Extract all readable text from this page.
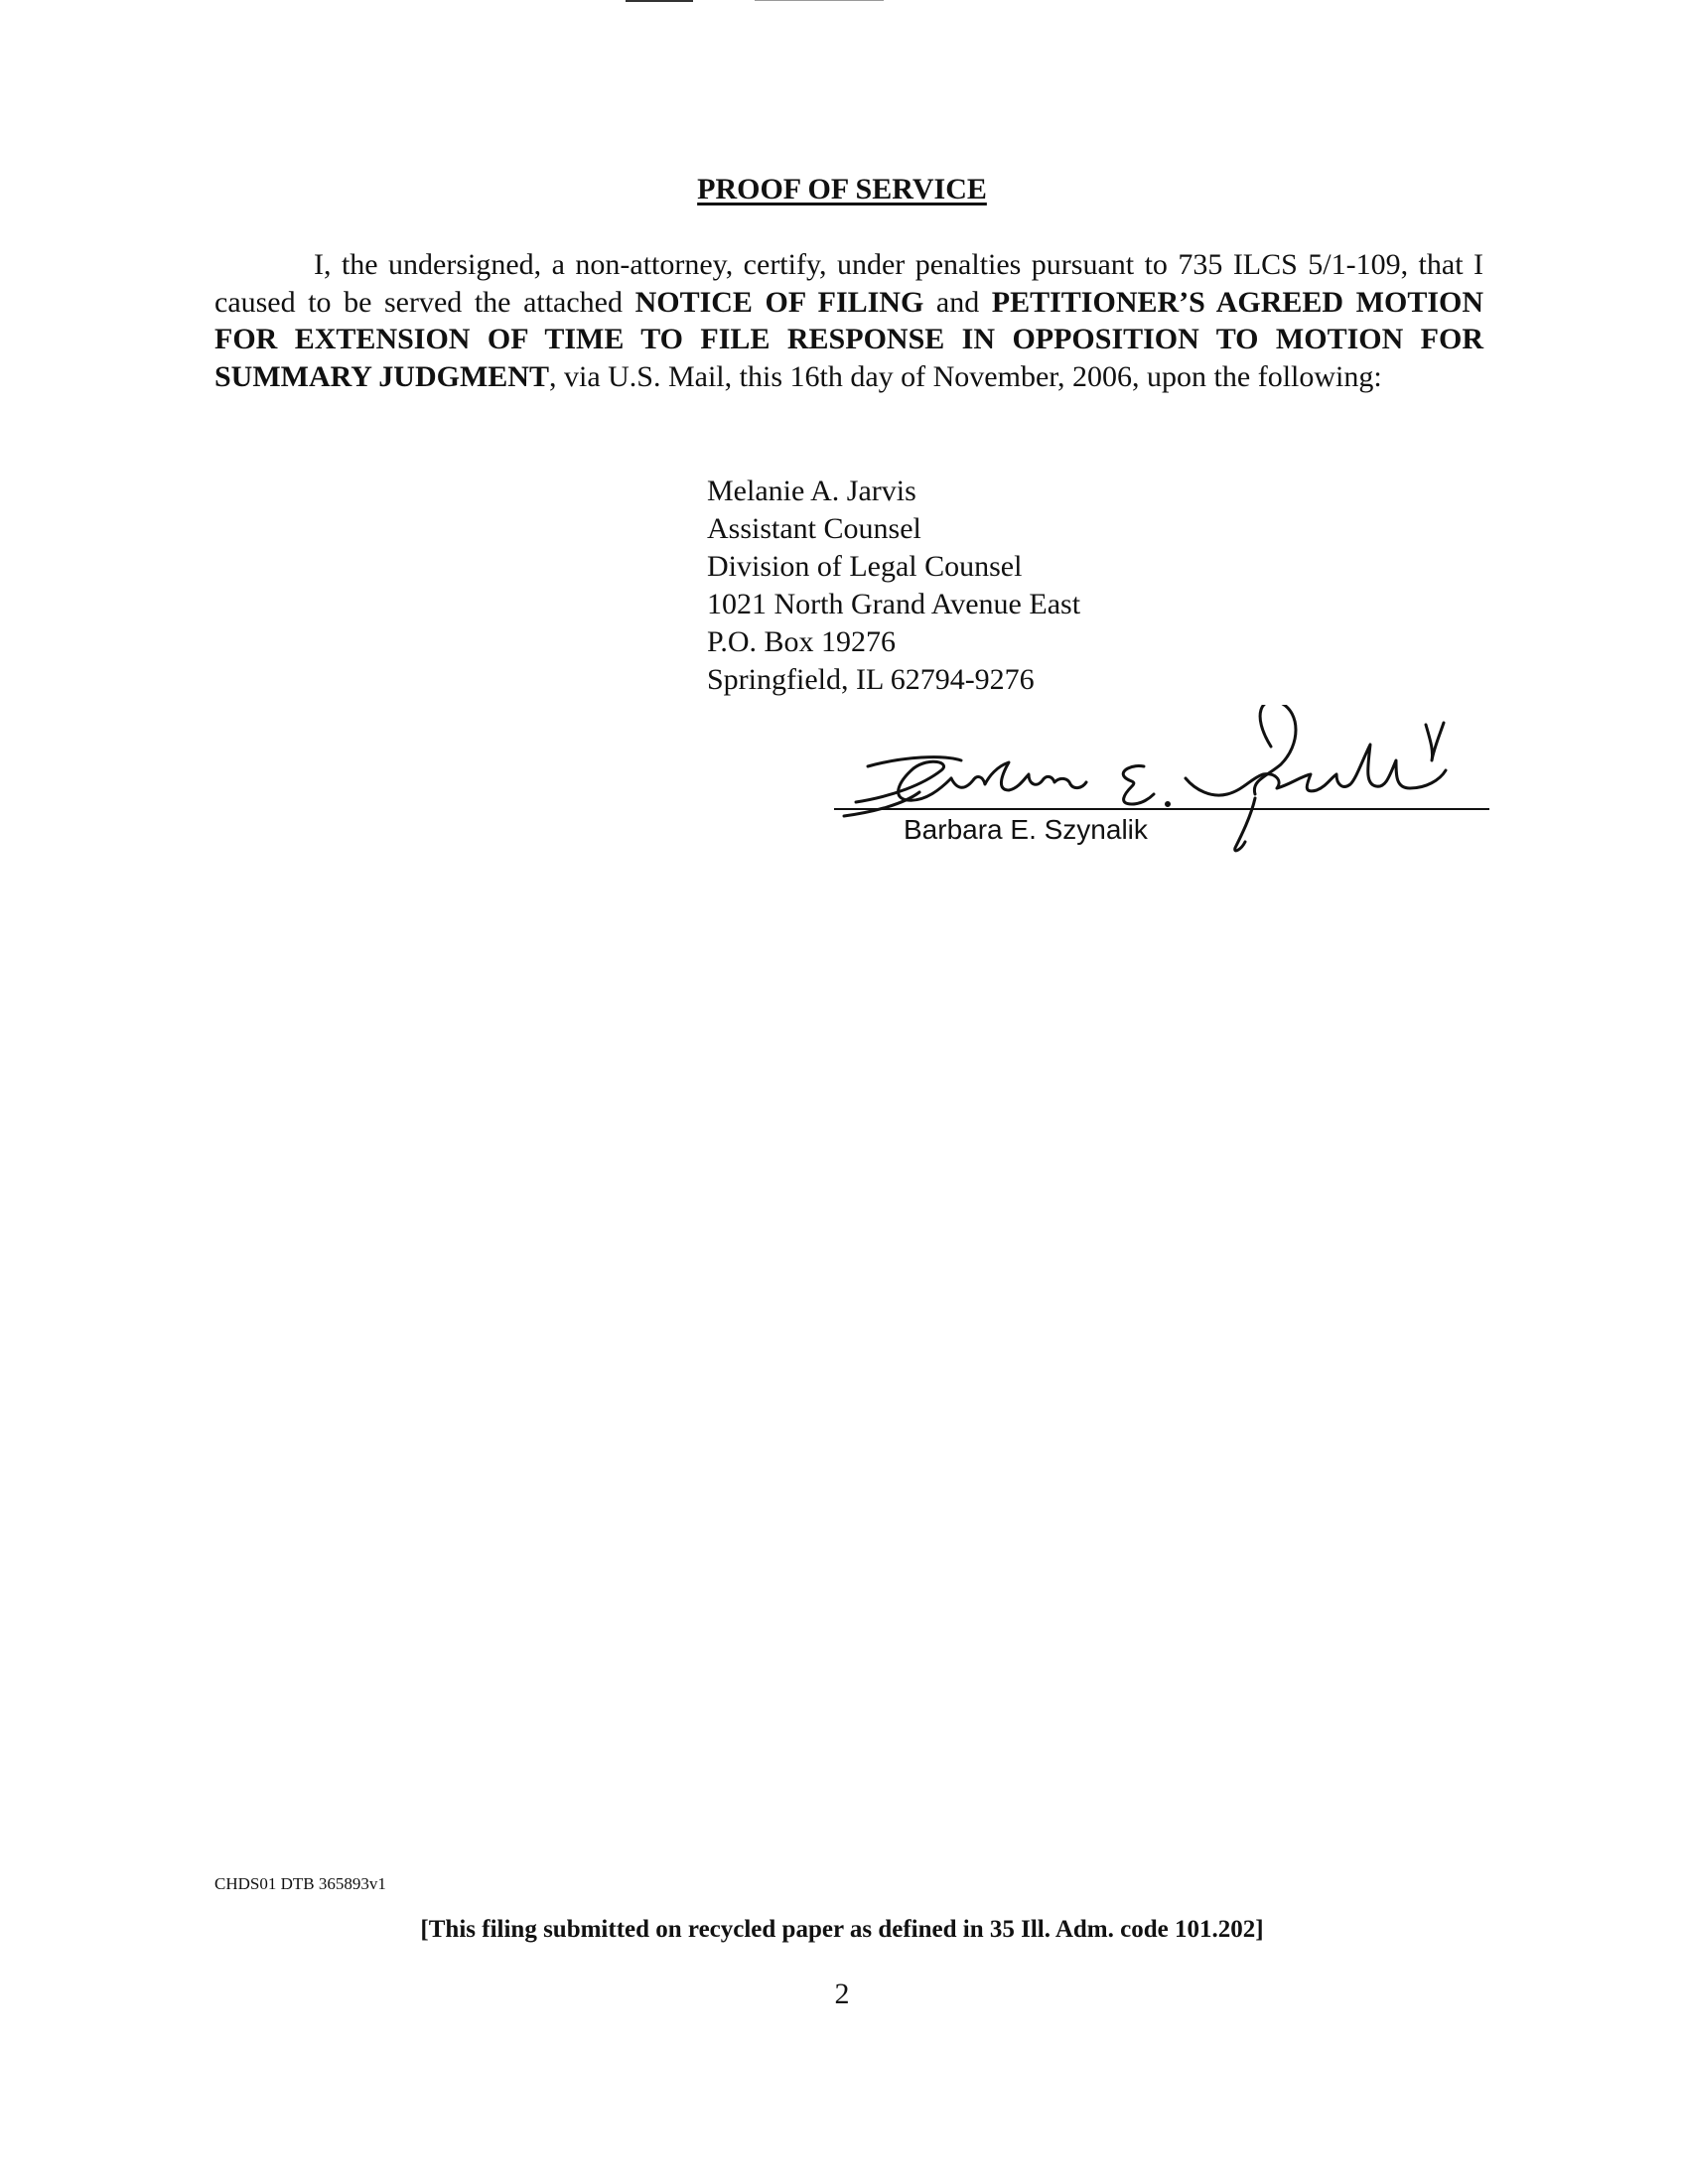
PROOF OF SERVICE
I, the undersigned, a non-attorney, certify, under penalties pursuant to 735 ILCS 5/1-109, that I caused to be served the attached NOTICE OF FILING and PETITIONER’S AGREED MOTION FOR EXTENSION OF TIME TO FILE RESPONSE IN OPPOSITION TO MOTION FOR SUMMARY JUDGMENT, via U.S. Mail, this 16th day of November, 2006, upon the following:
Melanie A. Jarvis
Assistant Counsel
Division of Legal Counsel
1021 North Grand Avenue East
P.O. Box 19276
Springfield, IL 62794-9276
Barbara E. Szynalik
CHDS01 DTB 365893v1
[This filing submitted on recycled paper as defined in 35 Ill. Adm. code 101.202]
2
